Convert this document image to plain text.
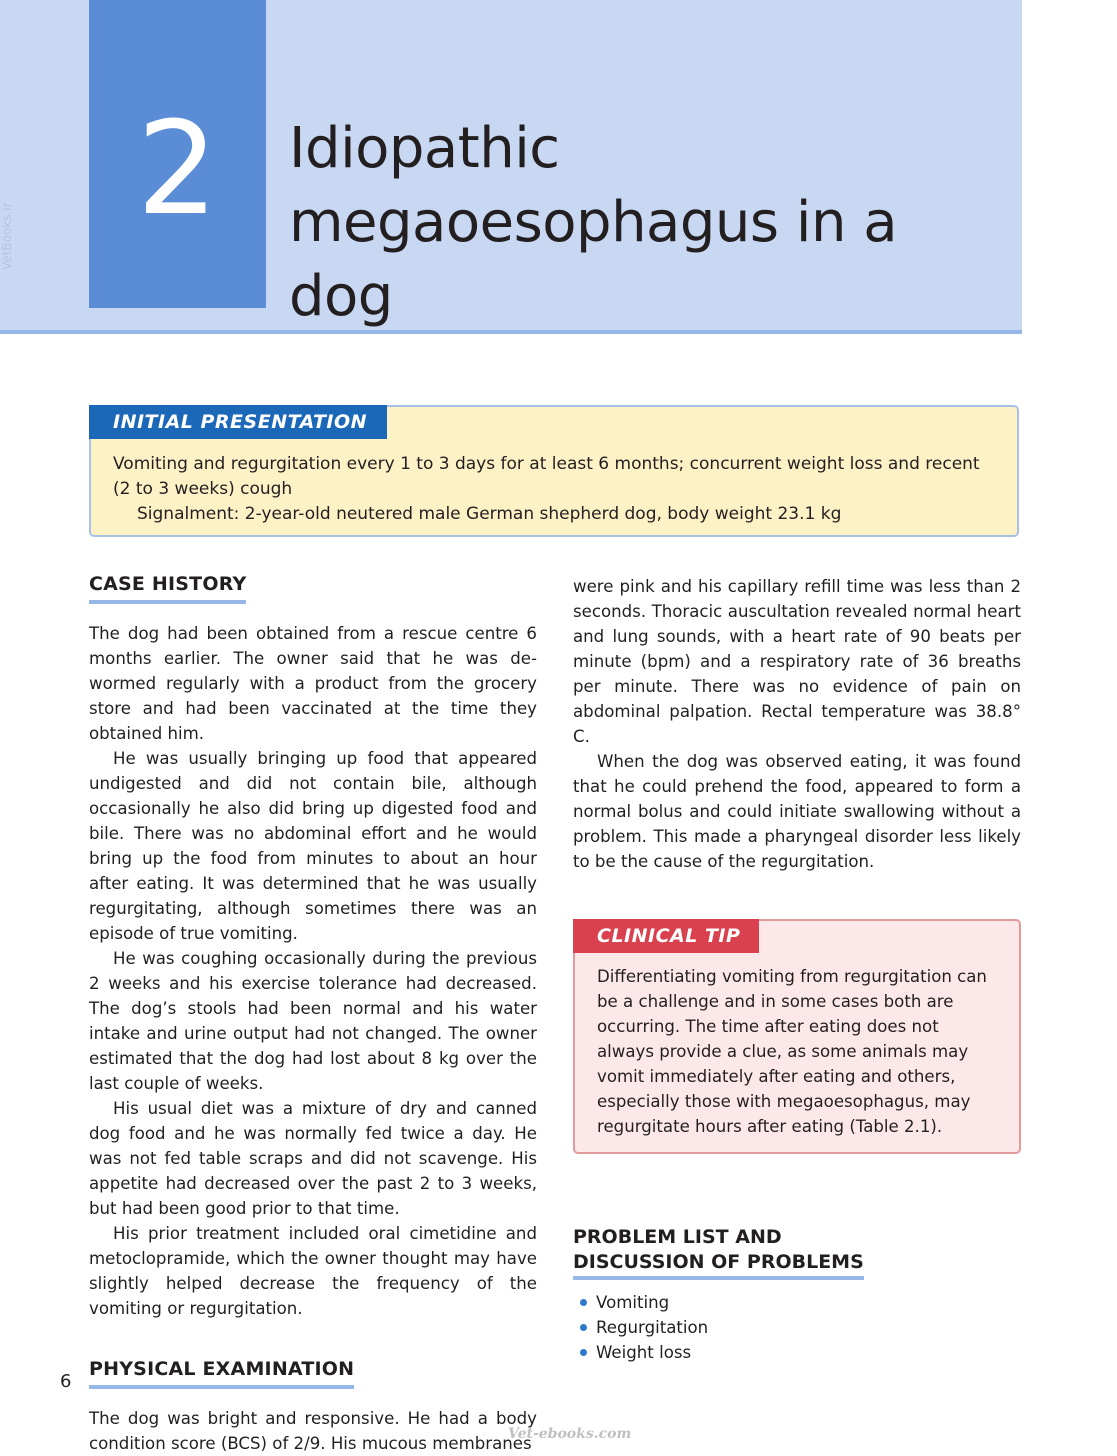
VetBooks.ir 2	Idiopathic
megaoesophagus in a dog
INITIAL PRESENTATION

Vomiting and regurgitation every 1 to 3 days for at least 6 months; concurrent weight loss and recent (2 to 3 weeks) cough

Signalment: 2-year-old neutered male German shepherd dog, body weight 23.1 kg

CASE HISTORY

The dog had been obtained from a rescue centre 6 months earlier. The owner said that he was de-wormed regularly with a product from the grocery store and had been vaccinated at the time they obtained him.

He was usually bringing up food that appeared undigested and did not contain bile, although occasionally he also did bring up digested food and bile. There was no abdominal effort and he would bring up the food from minutes to about an hour after eating. It was determined that he was usually regurgitating, although sometimes there was an episode of true vomiting.

He was coughing occasionally during the previous 2 weeks and his exercise tolerance had decreased. The dog’s stools had been normal and his water intake and urine output had not changed. The owner estimated that the dog had lost about 8 kg over the last couple of weeks.

His usual diet was a mixture of dry and canned dog food and he was normally fed twice a day. He was not fed table scraps and did not scavenge. His appetite had decreased over the past 2 to 3 weeks, but had been good prior to that time.

His prior treatment included oral cimetidine and metoclopramide, which the owner thought may have slightly helped decrease the frequency of the vomiting or regurgitation.

PHYSICAL EXAMINATION

The dog was bright and responsive. He had a body condition score (BCS) of 2/9. His mucous membranes

were pink and his capillary refill time was less than 2 seconds. Thoracic auscultation revealed normal heart and lung sounds, with a heart rate of 90 beats per minute (bpm) and a respiratory rate of 36 breaths per minute. There was no evidence of pain on abdominal palpation. Rectal temperature was 38.8° C.

When the dog was observed eating, it was found that he could prehend the food, appeared to form a normal bolus and could initiate swallowing without a problem. This made a pharyngeal disorder less likely to be the cause of the regurgitation.

CLINICAL TIP

Differentiating vomiting from regurgitation can be a challenge and in some cases both are occurring. The time after eating does not always provide a clue, as some animals may vomit immediately after eating and others, especially those with megaoesophagus, may regurgitate hours after eating (Table 2.1).

PROBLEM LIST AND
DISCUSSION OF PROBLEMS
Vomiting
Regurgitation
Weight loss
6
Vet-ebooks.com
